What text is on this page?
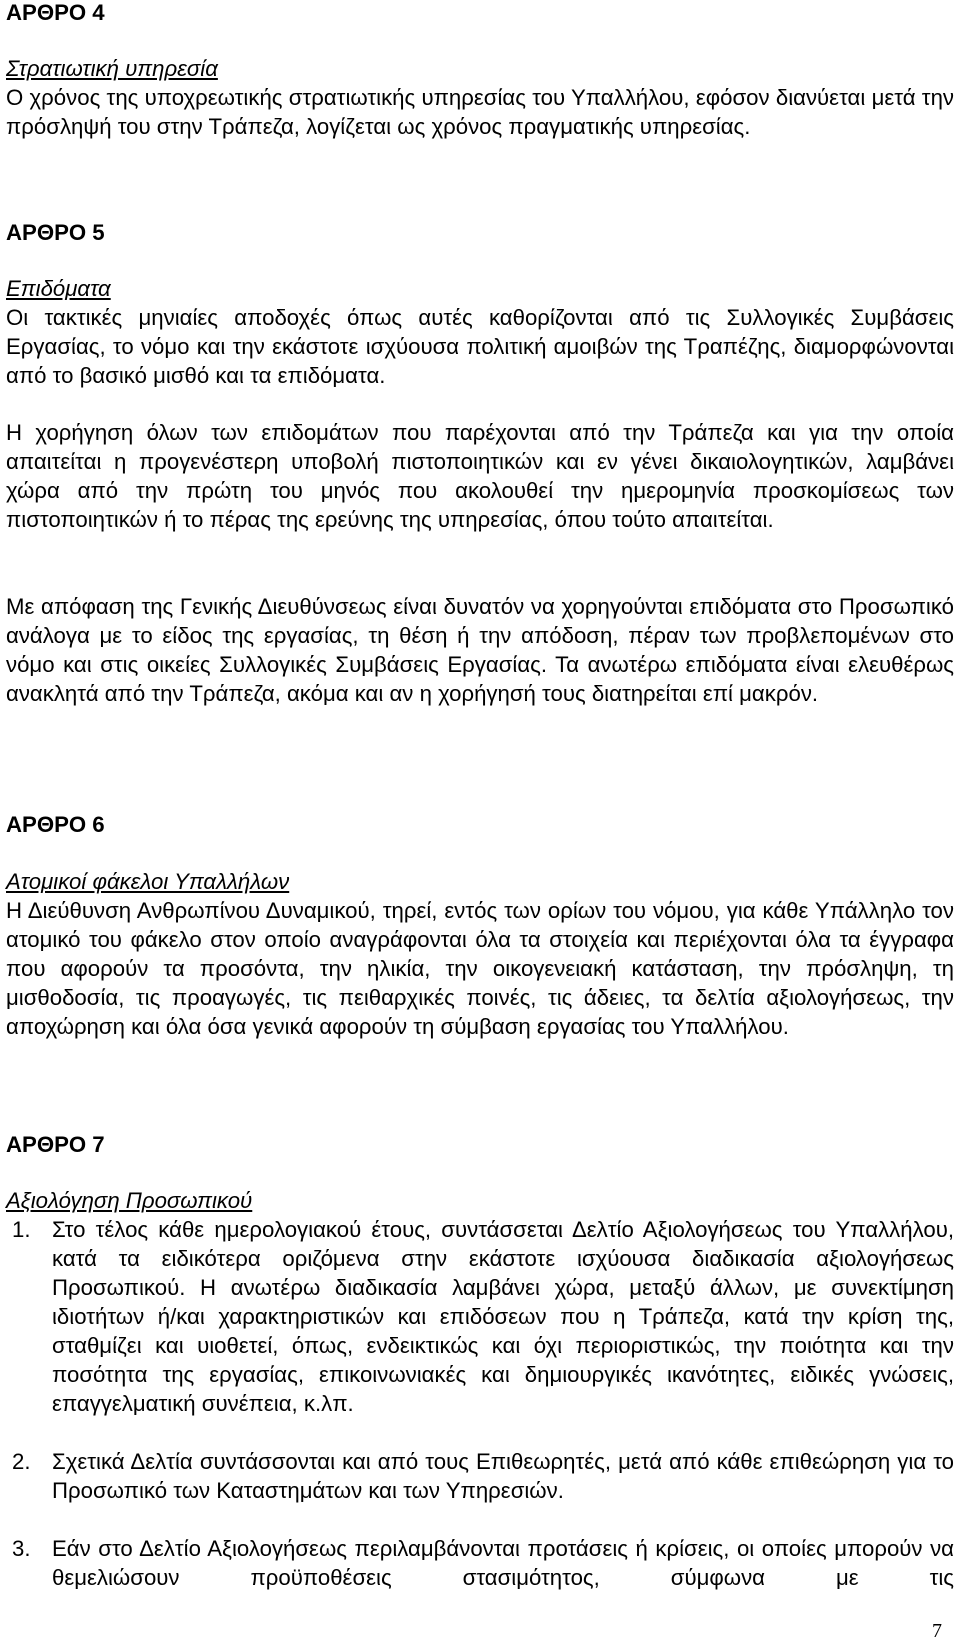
ΑΡΘΡΟ 4
Στρατιωτική υπηρεσία

Ο χρόνος της υποχρεωτικής στρατιωτικής υπηρεσίας του Υπαλλήλου, εφόσον διανύεται μετά την πρόσληψή του στην Τράπεζα, λογίζεται ως χρόνος πραγματικής υπηρεσίας.

ΑΡΘΡΟ 5
Επιδόματα

Οι τακτικές μηνιαίες αποδοχές όπως αυτές καθορίζονται από τις Συλλογικές Συμβάσεις Εργασίας, το νόμο και την εκάστοτε ισχύουσα πολιτική αμοιβών της Τραπέζης, διαμορφώνονται από το βασικό μισθό και τα επιδόματα.

Η χορήγηση όλων των επιδομάτων που παρέχονται από την Τράπεζα και για την οποία απαιτείται η προγενέστερη υποβολή πιστοποιητικών και εν γένει δικαιολογητικών, λαμβάνει χώρα από την πρώτη του μηνός που ακολουθεί την ημερομηνία προσκομίσεως των πιστοποιητικών ή το πέρας της ερεύνης της υπηρεσίας, όπου τούτο απαιτείται.

Με απόφαση της Γενικής Διευθύνσεως είναι δυνατόν να χορηγούνται επιδόματα στο Προσωπικό ανάλογα με το είδος της εργασίας, τη θέση ή την απόδοση, πέραν των προβλεπομένων στο νόμο και στις οικείες Συλλογικές Συμβάσεις Εργασίας. Τα ανωτέρω επιδόματα είναι ελευθέρως ανακλητά από την Τράπεζα, ακόμα και αν η χορήγησή τους διατηρείται επί μακρόν.

ΑΡΘΡΟ 6
Ατομικοί φάκελοι Υπαλλήλων

Η Διεύθυνση Ανθρωπίνου Δυναμικού, τηρεί, εντός των ορίων του νόμου, για κάθε Υπάλληλο τον ατομικό του φάκελο στον οποίο αναγράφονται όλα τα στοιχεία και περιέχονται όλα τα έγγραφα που αφορούν τα προσόντα, την ηλικία, την οικογενειακή κατάσταση, την πρόσληψη, τη μισθοδοσία, τις προαγωγές, τις πειθαρχικές ποινές, τις άδειες, τα δελτία αξιολογήσεως, την αποχώρηση και όλα όσα γενικά αφορούν τη σύμβαση εργασίας του Υπαλλήλου.

ΑΡΘΡΟ 7
Αξιολόγηση Προσωπικού
1. Στο τέλος κάθε ημερολογιακού έτους, συντάσσεται Δελτίο Αξιολογήσεως του Υπαλλήλου, κατά τα ειδικότερα οριζόμενα στην εκάστοτε ισχύουσα διαδικασία αξιολογήσεως Προσωπικού. Η ανωτέρω διαδικασία λαμβάνει χώρα, μεταξύ άλλων, με συνεκτίμηση ιδιοτήτων ή/και χαρακτηριστικών και επιδόσεων που η Τράπεζα, κατά την κρίση της, σταθμίζει και υιοθετεί, όπως, ενδεικτικώς και όχι περιοριστικώς, την ποιότητα και την ποσότητα της εργασίας, επικοινωνιακές και δημιουργικές ικανότητες, ειδικές γνώσεις, επαγγελματική συνέπεια, κ.λπ.
2. Σχετικά Δελτία συντάσσονται και από τους Επιθεωρητές, μετά από κάθε επιθεώρηση για το Προσωπικό των Καταστημάτων και των Υπηρεσιών.
3. Εάν στο Δελτίο Αξιολογήσεως περιλαμβάνονται προτάσεις ή κρίσεις, οι οποίες μπορούν να θεμελιώσουν προϋποθέσεις στασιμότητος, σύμφωνα με τις
7
